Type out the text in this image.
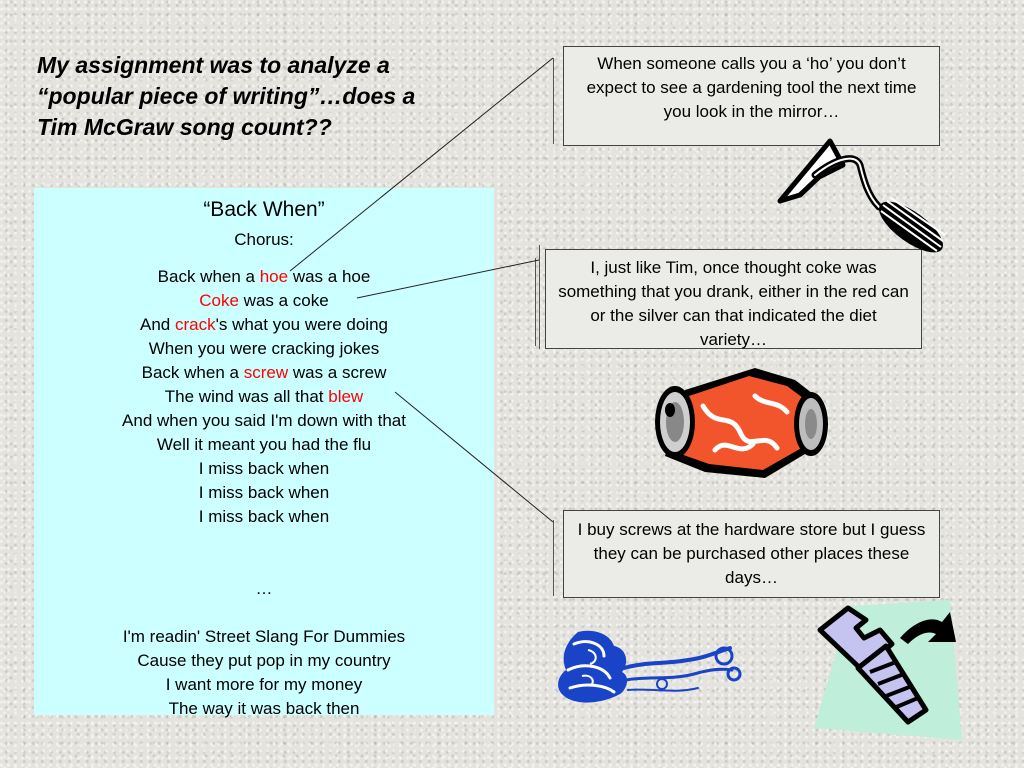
My assignment was to analyze a “popular piece of writing”…does a Tim McGraw song count??
“Back When”
Chorus:
Back when a hoe was a hoe
Coke was a coke
And crack's what you were doing
When you were cracking jokes
Back when a screw was a screw
The wind was all that blew
And when you said I'm down with that
Well it meant you had the flu
I miss back when
I miss back when
I miss back when
…
I'm readin' Street Slang For Dummies
Cause they put pop in my country
I want more for my money
The way it was back then
When someone calls you a ‘ho’ you don’t expect to see a gardening tool the next time you look in the mirror…
I, just like Tim, once thought coke was something that you drank, either in the red can or the silver can that indicated the diet variety…
I buy screws at the hardware store but I guess they can be purchased other places these days…
